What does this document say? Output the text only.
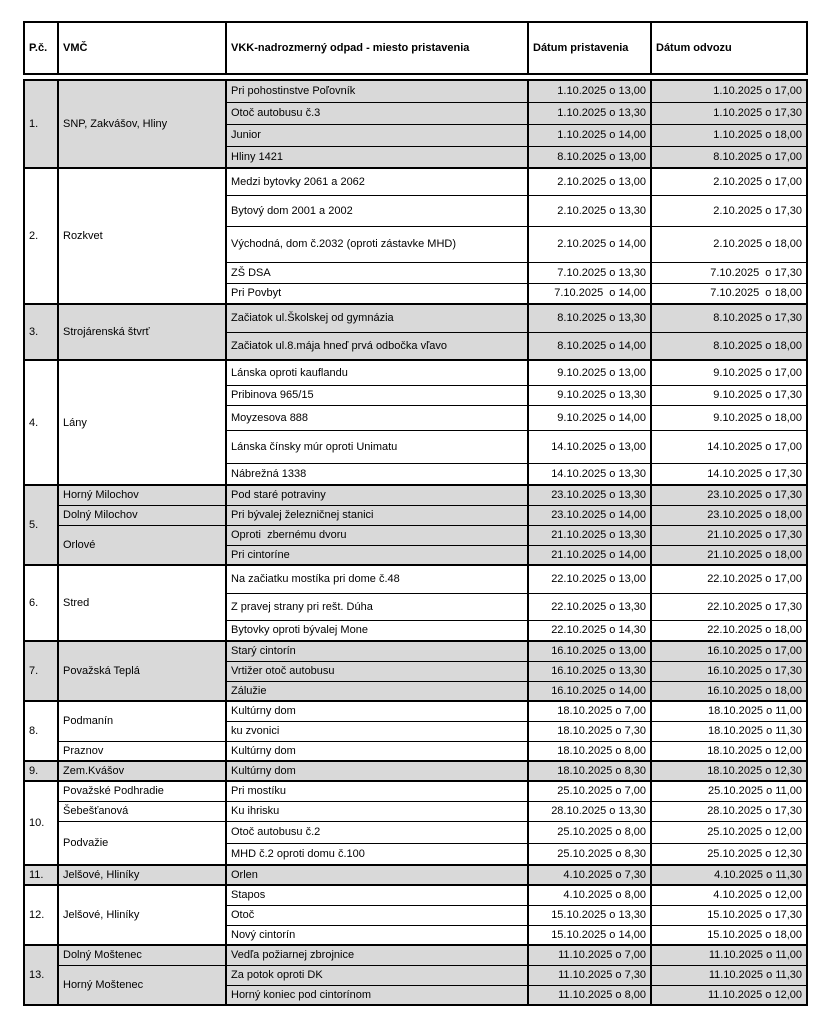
P.č.	VMČ	VKK-nadrozmerný odpad - miesto pristavenia	Dátum pristavenia	Dátum odvozu
1.	SNP, Zakvášov, Hliny	Pri pohostinstve Poľovník	1.10.2025 o 13,00	1.10.2025 o 17,00
		Otoč autobusu č.3	1.10.2025 o 13,30	1.10.2025 o 17,30
		Junior	1.10.2025 o 14,00	1.10.2025 o 18,00
		Hliny 1421	8.10.2025 o 13,00	8.10.2025 o 17,00
2.	Rozkvet	Medzi bytovky 2061 a 2062	2.10.2025 o 13,00	2.10.2025 o 17,00
		Bytový dom 2001 a 2002	2.10.2025 o 13,30	2.10.2025 o 17,30
		Východná, dom č.2032 (oproti zástavke MHD)	2.10.2025 o 14,00	2.10.2025 o 18,00
		ZŠ DSA	7.10.2025 o 13,30	7.10.2025  o 17,30
		Pri Povbyt	7.10.2025  o 14,00	7.10.2025  o 18,00
3.	Strojárenská štvrť	Začiatok ul.Školskej od gymnázia	8.10.2025 o 13,30	8.10.2025 o 17,30
		Začiatok ul.8.mája hneď prvá odbočka vľavo	8.10.2025 o 14,00	8.10.2025 o 18,00
4.	Lány	Lánska oproti kauflandu	9.10.2025 o 13,00	9.10.2025 o 17,00
		Pribinova 965/15	9.10.2025 o 13,30	9.10.2025 o 17,30
		Moyzesova 888	9.10.2025 o 14,00	9.10.2025 o 18,00
		Lánska čínsky múr oproti Unimatu	14.10.2025 o 13,00	14.10.2025 o 17,00
		Nábrežná 1338	14.10.2025 o 13,30	14.10.2025 o 17,30
5.	Horný Milochov	Pod staré potraviny	23.10.2025 o 13,30	23.10.2025 o 17,30
	Dolný Milochov	Pri bývalej železničnej stanici	23.10.2025 o 14,00	23.10.2025 o 18,00
	Orlové	Oproti  zbernému dvoru	21.10.2025 o 13,30	21.10.2025 o 17,30
		Pri cintoríne	21.10.2025 o 14,00	21.10.2025 o 18,00
6.	Stred	Na začiatku mostíka pri dome č.48	22.10.2025 o 13,00	22.10.2025 o 17,00
		Z pravej strany pri rešt. Dúha	22.10.2025 o 13,30	22.10.2025 o 17,30
		Bytovky oproti bývalej Mone	22.10.2025 o 14,30	22.10.2025 o 18,00
7.	Považská Teplá	Starý cintorín	16.10.2025 o 13,00	16.10.2025 o 17,00
		Vrtižer otoč autobusu	16.10.2025 o 13,30	16.10.2025 o 17,30
		Zálužie	16.10.2025 o 14,00	16.10.2025 o 18,00
8.	Podmanín	Kultúrny dom	18.10.2025 o 7,00	18.10.2025 o 11,00
		ku zvonici	18.10.2025 o 7,30	18.10.2025 o 11,30
	Praznov	Kultúrny dom	18.10.2025 o 8,00	18.10.2025 o 12,00
9.	Zem.Kvášov	Kultúrny dom	18.10.2025 o 8,30	18.10.2025 o 12,30
10.	Považské Podhradie	Pri mostíku	25.10.2025 o 7,00	25.10.2025 o 11,00
	Šebešťanová	Ku ihrisku	28.10.2025 o 13,30	28.10.2025 o 17,30
	Podvažie	Otoč autobusu č.2	25.10.2025 o 8,00	25.10.2025 o 12,00
		MHD č.2 oproti domu č.100	25.10.2025 o 8,30	25.10.2025 o 12,30
11.	Jelšové, Hliníky	Orlen	4.10.2025 o 7,30	4.10.2025 o 11,30
12.	Jelšové, Hliníky	Stapos	4.10.2025 o 8,00	4.10.2025 o 12,00
		Otoč	15.10.2025 o 13,30	15.10.2025 o 17,30
		Nový cintorín	15.10.2025 o 14,00	15.10.2025 o 18,00
13.	Dolný Moštenec	Vedľa požiarnej zbrojnice	11.10.2025 o 7,00	11.10.2025 o 11,00
	Horný Moštenec	Za potok oproti DK	11.10.2025 o 7,30	11.10.2025 o 11,30
		Horný koniec pod cintorínom	11.10.2025 o 8,00	11.10.2025 o 12,00
